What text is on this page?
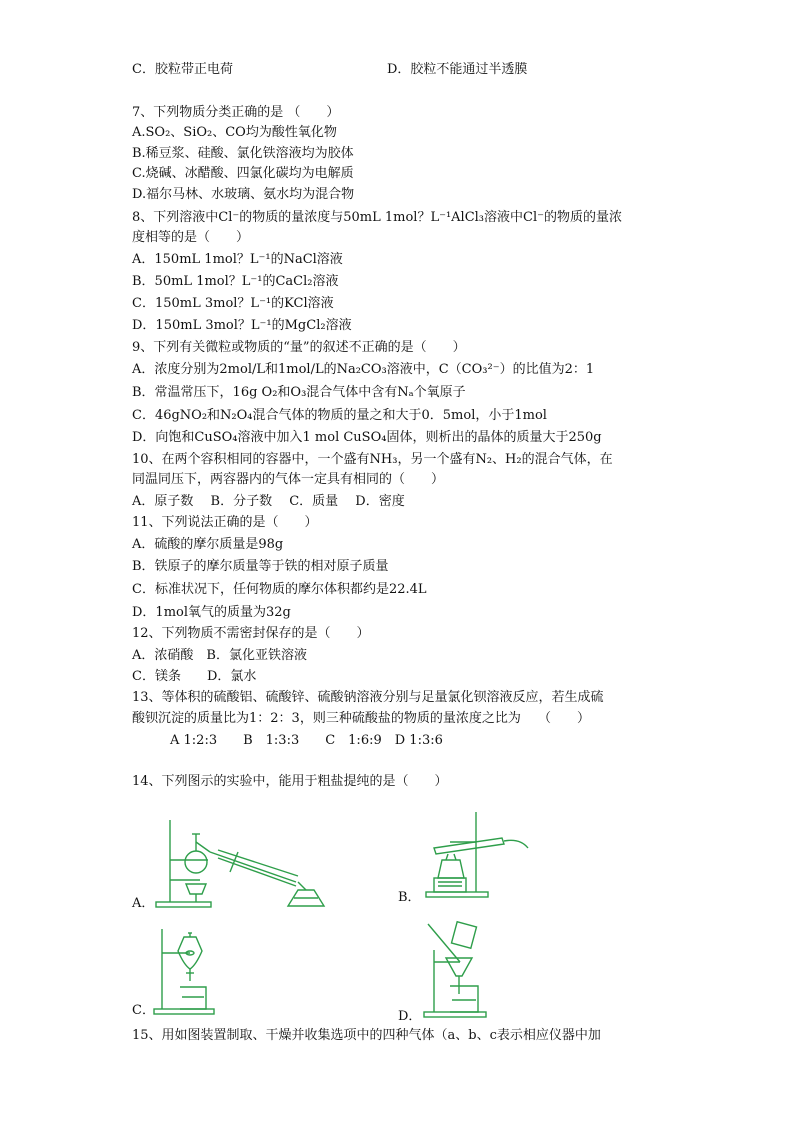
C．胶粒带正电荷	D．胶粒不能通过半透膜
7、下列物质分类正确的是 （　　）
A.SO₂、SiO₂、CO均为酸性氧化物
B.稀豆浆、硅酸、氯化铁溶液均为胶体
C.烧碱、冰醋酸、四氯化碳均为电解质
D.福尔马林、水玻璃、氨水均为混合物
8、下列溶液中Cl⁻的物质的量浓度与50mL 1mol？L⁻¹AlCl₃溶液中Cl⁻的物质的量浓
度相等的是（　　）
A．150mL 1mol？L⁻¹的NaCl溶液
B．50mL 1mol？L⁻¹的CaCl₂溶液
C．150mL 3mol？L⁻¹的KCl溶液
D．150mL 3mol？L⁻¹的MgCl₂溶液
9、下列有关微粒或物质的“量”的叙述不正确的是（　　）
A．浓度分别为2mol/L和1mol/L的Na₂CO₃溶液中，C（CO₃²⁻）的比值为2：1
B．常温常压下，16g O₂和O₃混合气体中含有Nₐ个氧原子
C．46gNO₂和N₂O₄混合气体的物质的量之和大于0．5mol，小于1mol
D．向饱和CuSO₄溶液中加入1 mol CuSO₄固体，则析出的晶体的质量大于250g
10、在两个容积相同的容器中，一个盛有NH₃，另一个盛有N₂、H₂的混合气体，在
同温同压下，两容器内的气体一定具有相同的（　　）
A．原子数　 B．分子数　 C．质量　 D．密度
11、下列说法正确的是（　　）
A．硫酸的摩尔质量是98g
B．铁原子的摩尔质量等于铁的相对原子质量
C．标准状况下，任何物质的摩尔体积都约是22.4L
D．1mol氧气的质量为32g
12、下列物质不需密封保存的是（　　）
A．浓硝酸　B．氯化亚铁溶液
C．镁条　　D．氯水
13、等体积的硫酸铝、硫酸锌、硫酸钠溶液分别与足量氯化钡溶液反应，若生成硫
酸钡沉淀的质量比为1：2：3，则三种硫酸盐的物质的量浓度之比为　 （　　）
A 1:2:3　　B　1:3:3　　C　1:6:9　D 1:3:6
14、下列图示的实验中，能用于粗盐提纯的是（　　）
A．	B．
C．	D．
15、用如图装置制取、干燥并收集选项中的四种气体（a、b、c表示相应仪器中加
